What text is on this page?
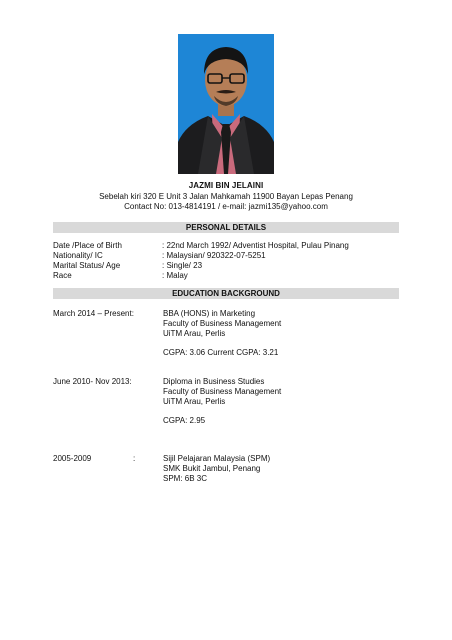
JAZMI BIN JELAINI
Sebelah kiri 320 E Unit 3 Jalan Mahkamah 11900 Bayan Lepas Penang
Contact No: 013-4814191 / e-mail: jazmi135@yahoo.com
PERSONAL DETAILS
Date /Place of Birth	: 22nd March 1992/ Adventist Hospital, Pulau Pinang
Nationality/ IC	: Malaysian/ 920322-07-5251
Marital Status/ Age	: Single/ 23
Race	: Malay
EDUCATION BACKGROUND
March 2014 – Present:	BBA (HONS) in Marketing
Faculty of Business Management
UiTM Arau, Perlis
CGPA: 3.06 Current CGPA: 3.21
June 2010- Nov 2013:	Diploma in Business Studies
Faculty of Business Management
UiTM Arau, Perlis
CGPA: 2.95
2005-2009	:	Sijil Pelajaran Malaysia (SPM)
SMK Bukit Jambul, Penang
SPM: 6B 3C
